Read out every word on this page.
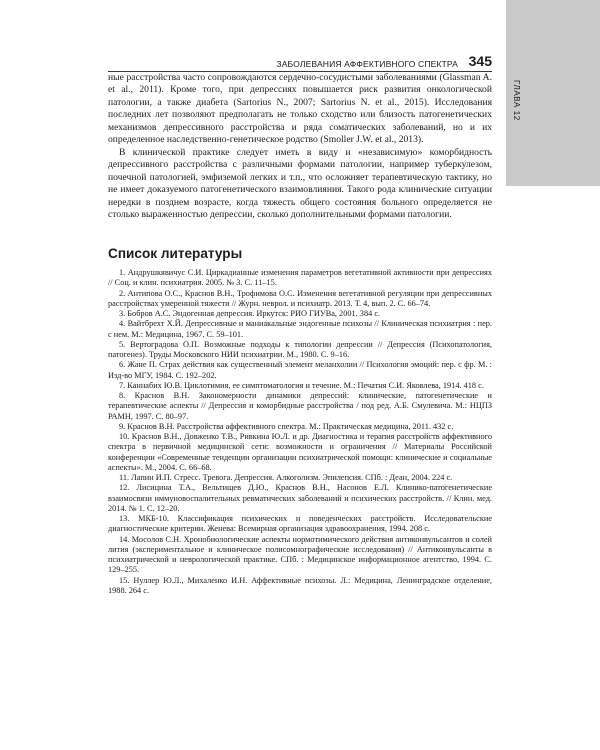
ГЛАВА 12
ЗАБОЛЕВАНИЯ АФФЕКТИВНОГО СПЕКТРА 345

ные расстройства часто сопровождаются сердечно-сосудистыми заболеваниями (Glassman A. et al., 2011). Кроме того, при депрессиях повышается риск развития онкологической патологии, а также диабета (Sartorius N., 2007; Sartorius N. et al., 2015). Исследования последних лет позволяют предполагать не только сходство или близость патогенетических механизмов депрессивного расстройства и ряда соматических заболеваний, но и их определенное наследственно-генетическое родство (Smoller J.W. et al., 2013).

В клинической практике следует иметь в виду и «независимую» коморбидность депрессивного расстройства с различными формами патологии, например туберкулезом, почечной патологией, эмфиземой легких и т.п., что осложняет терапевтическую тактику, но не имеет доказуемого патогенетического взаимовлияния. Такого рода клинические ситуации нередки в позднем возрасте, когда тяжесть общего состояния больного определяется не столько выраженностью депрессии, сколько дополнительными формами патологии.

Список литературы

1. Андрушкявичус С.И. Циркадианные изменения параметров вегетативной активности при депрессиях // Соц. и клин. психиатрия. 2005. № 3. С. 11–15.

2. Антипова О.С., Краснов В.Н., Трофимова О.С. Изменения вегетативной регуляции при депрессивных расстройствах умеренной тяжести // Журн. неврол. и психиатр. 2013. Т. 4, вып. 2. С. 66–74.

3. Бобров А.С. Эндогенная депрессия. Иркутск: РИО ГИУВа, 2001. 384 с.

4. Вайтбрехт Х.Й. Депрессивные и маниакальные эндогенные психозы // Клиническая психиатрия : пер. с нем. М.: Медицина, 1967. С. 59–101.

5. Вертоградова О.П. Возможные подходы к типологии депрессии // Депрессия (Психопатология, патогенез). Труды Московского НИИ психиатрии. М., 1980. С. 9–16.

6. Жане П. Страх действия как существенный элемент меланхолии // Психология эмоций: пер. с фр. М. : Изд-во МГУ, 1984. С. 192–202.

7. Каннабих Ю.В. Циклотимия, ее симптоматология и течение. М.: Печатня С.И. Яковлева, 1914. 418 с.

8. Краснов В.Н. Закономерности динамики депрессий: клинические, патогенетические и терапевтические аспекты // Депрессия и коморбидные расстройства / под ред. А.Б. Смулевича. М.: НЦПЗ РАМН, 1997. С. 80–97.

9. Краснов В.Н. Расстройства аффективного спектра. М.: Практическая медицина, 2011. 432 с.

10. Краснов В.Н., Довженко Т.В., Ривкина Ю.Л. и др. Диагностика и терапия расстройств аффективного спектра в первичной медицинской сети: возможности и ограничения // Материалы Российской конференции «Современные тенденции организации психиатрической помощи: клинические и социальные аспекты». М., 2004. С. 66–68.

11. Лапин И.П. Стресс. Тревога. Депрессия. Алкоголизм. Эпилепсия. СПб. : Деан, 2004. 224 с.

12. Лисицина Т.А., Вельтищев Д.Ю., Краснов В.Н., Насонов Е.Л. Клинико-патогенетические взаимосвязи иммуновоспалительных ревматических заболеваний и психических расстройств. // Клин. мед. 2014. № 1. С. 12–20.

13. МКБ-10. Классификация психических и поведенческих расстройств. Исследовательские диагностические критерии. Женева: Всемирная организация здравоохранения, 1994. 208 с.

14. Мосолов С.Н. Хронобиологические аспекты нормотимического действия антиконвульсантов и солей лития (экспериментальное и клиническое полисомнографические исследования) // Антиконвульсанты в психиатрической и неврологической практике. СПб. : Медицинское информационное агентство, 1994. С. 129–255.

15. Нуллер Ю.Л., Михаленко И.Н. Аффективные психозы. Л.: Медицина, Ленинградское отделение, 1988. 264 с.
